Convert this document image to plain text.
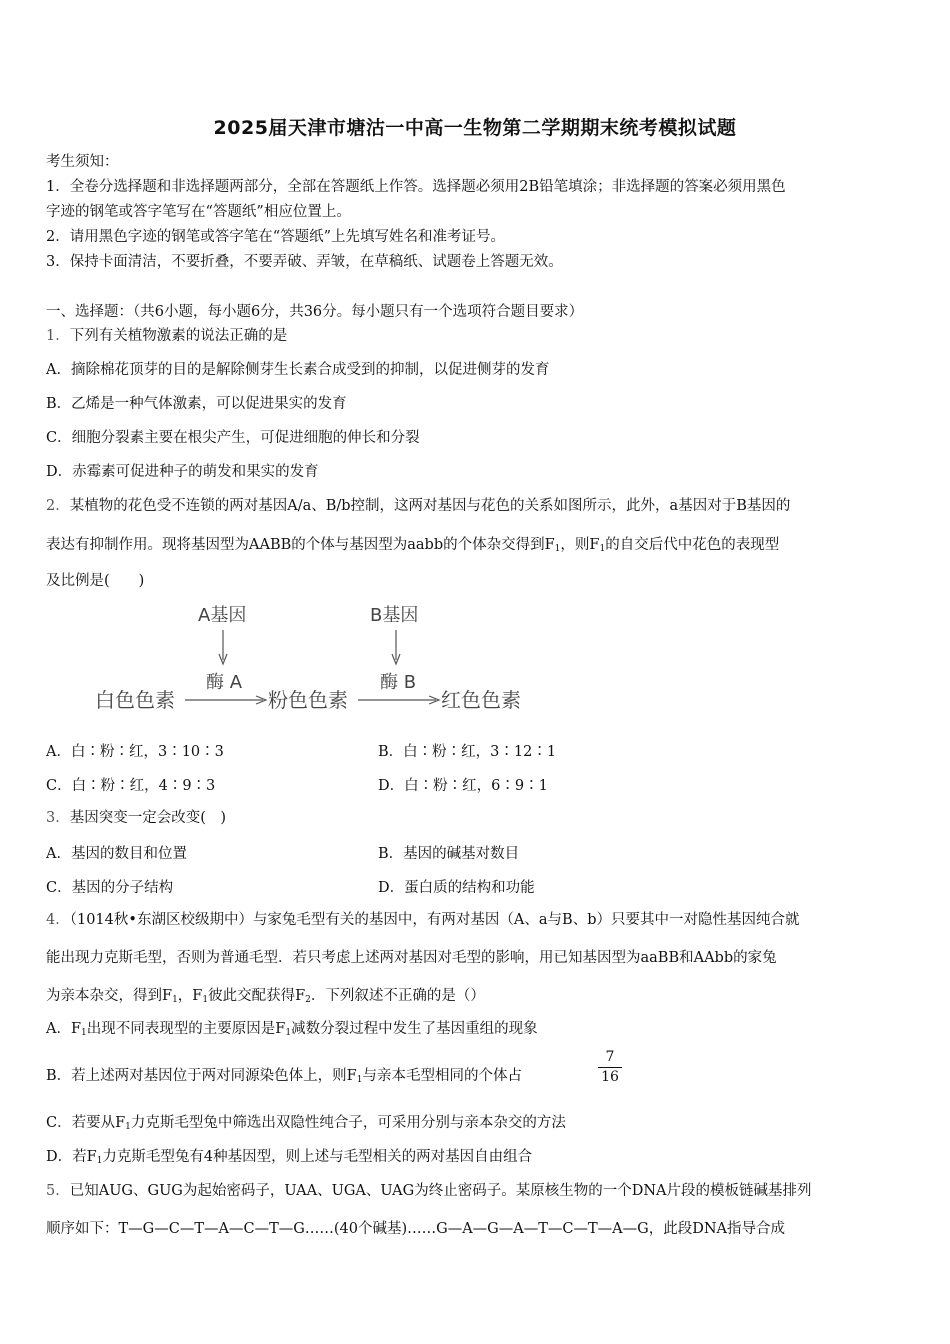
2025届天津市塘沽一中高一生物第二学期期末统考模拟试题
考生须知：
1．全卷分选择题和非选择题两部分，全部在答题纸上作答。选择题必须用2B铅笔填涂；非选择题的答案必须用黑色
字迹的钢笔或答字笔写在“答题纸”相应位置上。
2．请用黑色字迹的钢笔或答字笔在“答题纸”上先填写姓名和准考证号。
3．保持卡面清洁，不要折叠，不要弄破、弄皱，在草稿纸、试题卷上答题无效。
一、选择题：（共6小题，每小题6分，共36分。每小题只有一个选项符合题目要求）
1．下列有关植物激素的说法正确的是
A．摘除棉花顶芽的目的是解除侧芽生长素合成受到的抑制，以促进侧芽的发育
B．乙烯是一种气体激素，可以促进果实的发育
C．细胞分裂素主要在根尖产生，可促进细胞的伸长和分裂
D．赤霉素可促进种子的萌发和果实的发育
2．某植物的花色受不连锁的两对基因A/a、B/b控制，这两对基因与花色的关系如图所示，此外，a基因对于B基因的
表达有抑制作用。现将基因型为AABB的个体与基因型为aabb的个体杂交得到$F_1$，则$F_1$的自交后代中花色的表现型
及比例是(　　)
A基因
酶 A
B基因
酶 B
白色色素	粉色色素	红色色素
A．白∶粉∶红，3∶10∶3	B．白∶粉∶红，3∶12∶1
C．白∶粉∶红，4∶9∶3	D．白∶粉∶红，6∶9∶1
3．基因突变一定会改变(　)
A．基因的数目和位置	B．基因的碱基对数目
C．基因的分子结构	D．蛋白质的结构和功能
4．（1014秋•东湖区校级期中）与家兔毛型有关的基因中，有两对基因（A、a与B、b）只要其中一对隐性基因纯合就
能出现力克斯毛型，否则为普通毛型．若只考虑上述两对基因对毛型的影响，用已知基因型为aaBB和AAbb的家兔
为亲本杂交，得到$F_1$，$F_1$彼此交配获得$F_2$．下列叙述不正确的是（）
A．$F_1$出现不同表现型的主要原因是$F_1$减数分裂过程中发生了基因重组的现象
B．若上述两对基因位于两对同源染色体上，则$F_1$与亲本毛型相同的个体占
7
16
C．若要从$F_1$力克斯毛型兔中筛选出双隐性纯合子，可采用分别与亲本杂交的方法
D．若$F_1$力克斯毛型兔有4种基因型，则上述与毛型相关的两对基因自由组合
5．已知AUG、GUG为起始密码子，UAA、UGA、UAG为终止密码子。某原核生物的一个DNA片段的模板链碱基排列
顺序如下：T—G—C—T—A—C—T—G……(40个碱基)……G—A—G—A—T—C—T—A—G，此段DNA指导合成
